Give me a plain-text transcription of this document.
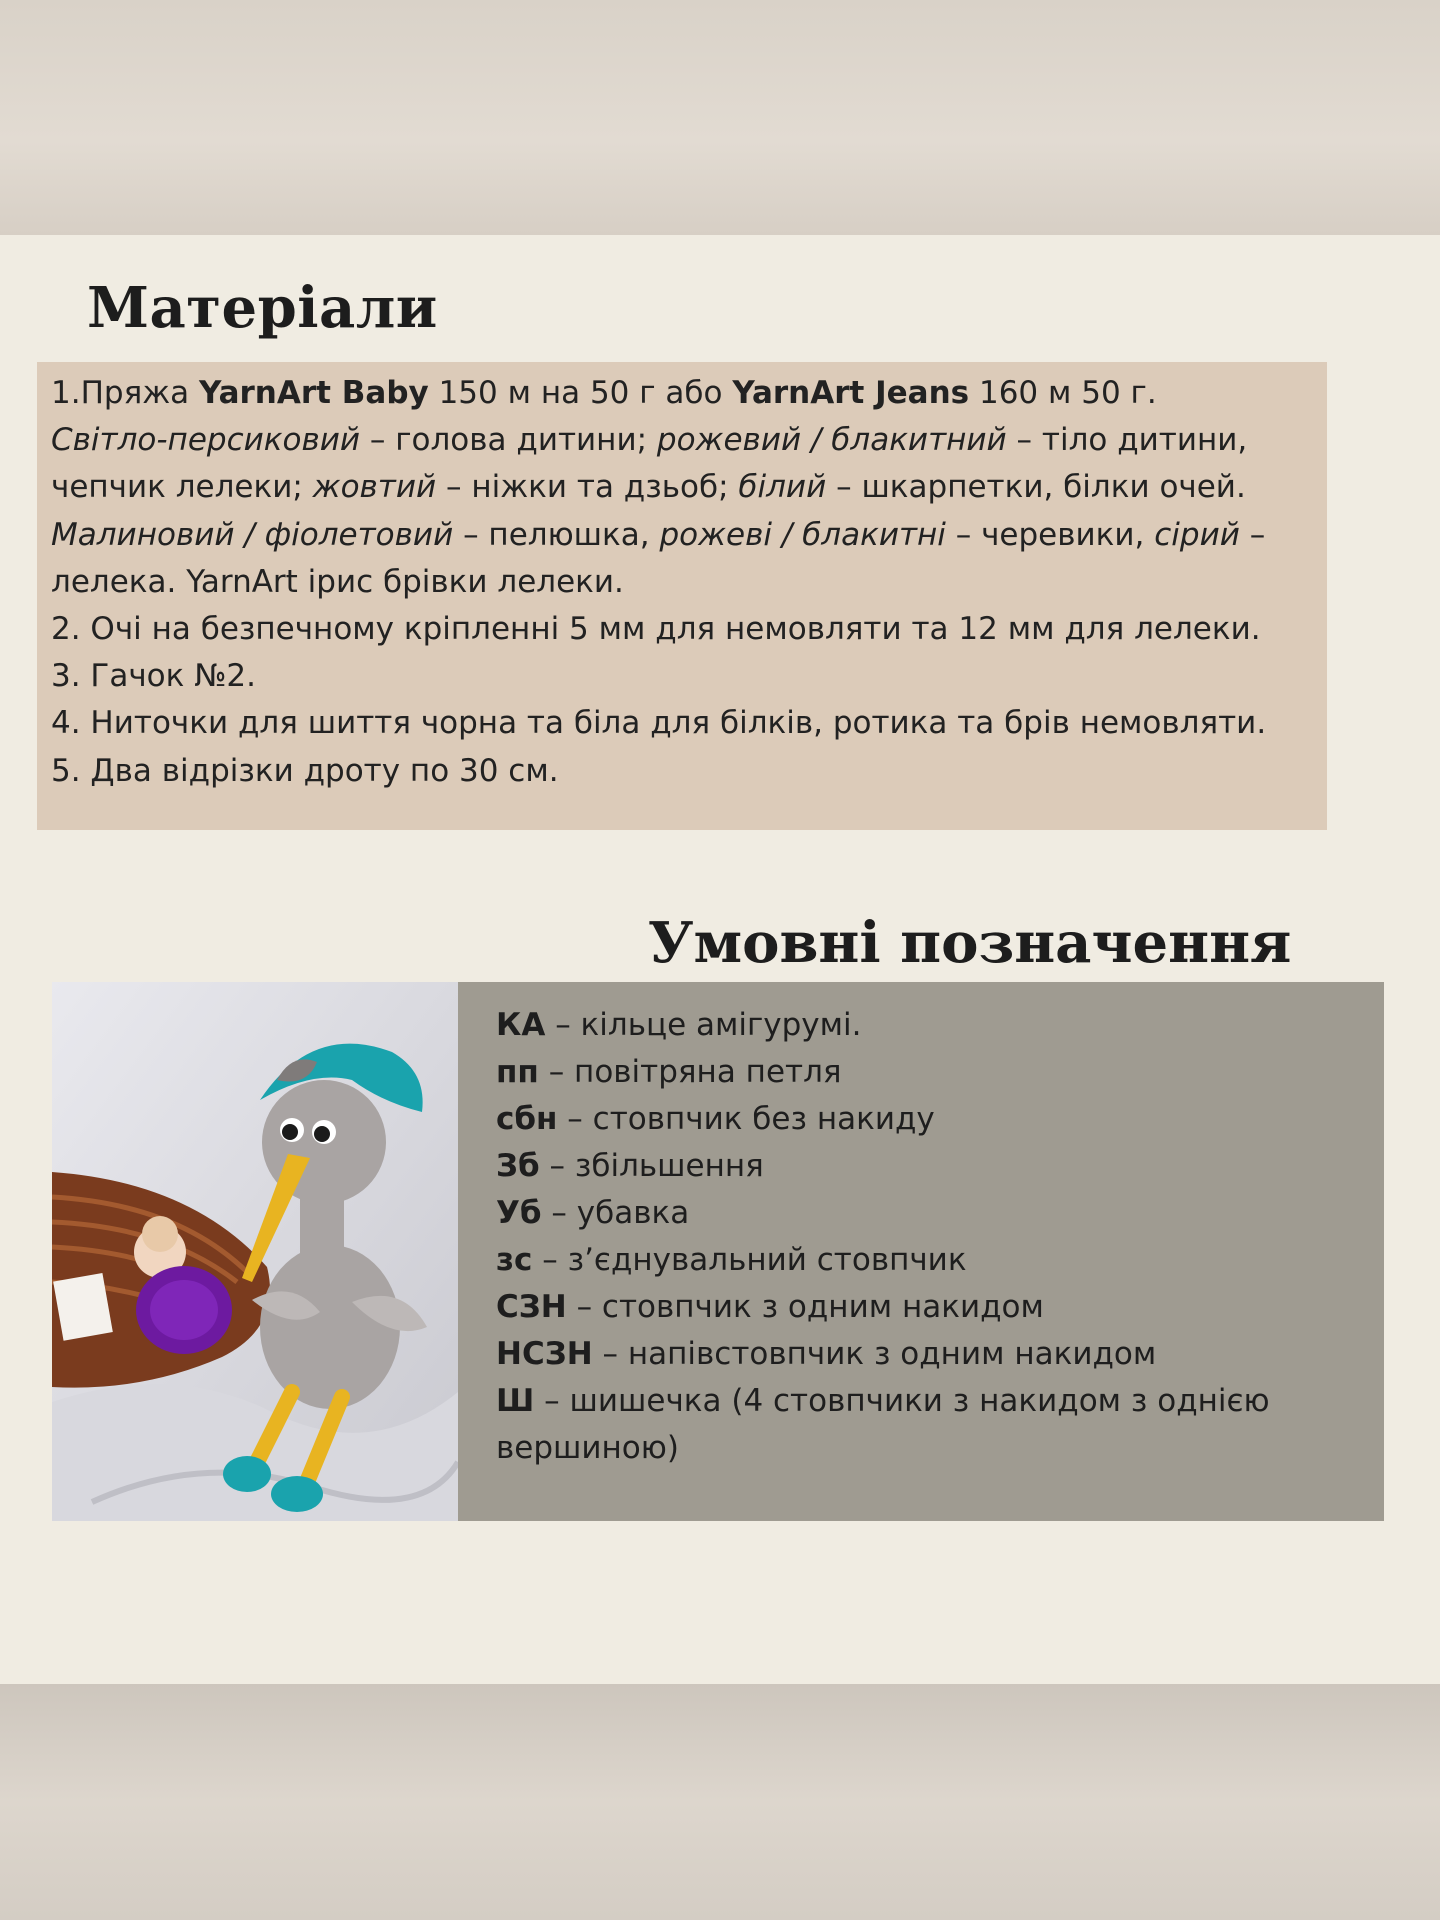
Матеріали
1.Пряжа YarnArt Baby 150 м на 50 г або YarnArt Jeans 160 м 50 г.
Світло-персиковий – голова дитини; рожевий / блакитний – тіло дитини,
чепчик лелеки; жовтий – ніжки та дзьоб; білий – шкарпетки, білки очей.
Малиновий / фіолетовий – пелюшка, рожеві / блакитні – черевики, сірий –
лелека. YarnArt ірис брівки лелеки.
2. Очі на безпечному кріпленні 5 мм для немовляти та 12 мм для лелеки.
3. Гачок №2.
4. Ниточки для шиття чорна та біла для білків, ротика та брів немовляти.
5. Два відрізки дроту по 30 см.
Умовні позначення
КА – кільце амігурумі.
пп – повітряна петля
сбн – стовпчик без накиду
Зб – збільшення
Уб – убавка
зс – з’єднувальний стовпчик
СЗН – стовпчик з одним накидом
НСЗН – напівстовпчик з одним накидом
Ш – шишечка (4 стовпчики з накидом з однією
вершиною)
